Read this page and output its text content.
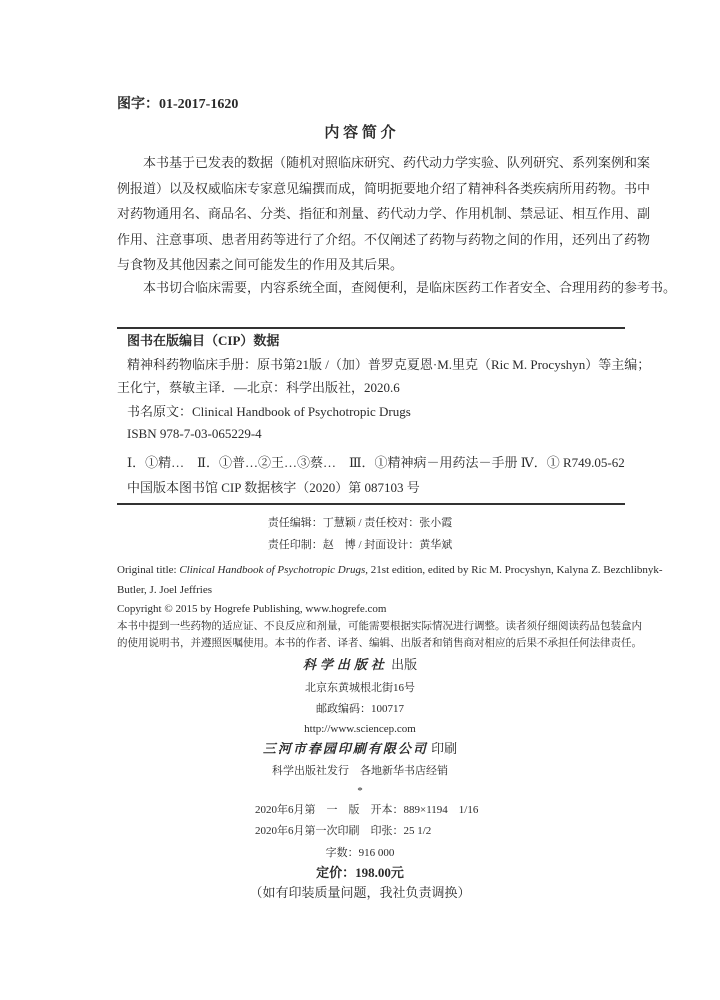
图字：01-2017-1620
内 容 简 介
本书基于已发表的数据（随机对照临床研究、药代动力学实验、队列研究、系列案例和案
例报道）以及权威临床专家意见编撰而成，简明扼要地介绍了精神科各类疾病所用药物。书中
对药物通用名、商品名、分类、指征和剂量、药代动力学、作用机制、禁忌证、相互作用、副
作用、注意事项、患者用药等进行了介绍。不仅阐述了药物与药物之间的作用，还列出了药物
与食物及其他因素之间可能发生的作用及其后果。
本书切合临床需要，内容系统全面，查阅便利，是临床医药工作者安全、合理用药的参考书。
图书在版编目（CIP）数据
精神科药物临床手册：原书第21版 /（加）普罗克夏恩·M.里克（Ric M. Procyshyn）等主编；
王化宁，蔡敏主译．—北京：科学出版社，2020.6
书名原文：Clinical Handbook of Psychotropic Drugs
ISBN 978-7-03-065229-4
Ⅰ．①精…　Ⅱ．①普…②王…③蔡…　Ⅲ．①精神病－用药法－手册 Ⅳ．① R749.05-62
中国版本图书馆 CIP 数据核字（2020）第 087103 号
责任编辑：丁慧颖 / 责任校对：张小霞
责任印制：赵　博 / 封面设计：黄华斌
Original title: Clinical Handbook of Psychotropic Drugs, 21st edition, edited by Ric M. Procyshyn, Kalyna Z. Bezchlibnyk-
Butler, J. Joel Jeffries
Copyright © 2015 by Hogrefe Publishing, www.hogrefe.com
本书中提到一些药物的适应证、不良反应和剂量，可能需要根据实际情况进行调整。读者须仔细阅读药品包装盒内
的使用说明书，并遵照医嘱使用。本书的作者、译者、编辑、出版者和销售商对相应的后果不承担任何法律责任。
科学出版社 出版
北京东黄城根北街16号
邮政编码：100717
http://www.sciencep.com
三河市春园印刷有限公司 印刷
科学出版社发行　各地新华书店经销
*
2020年6月第　一　版　开本：889×1194　1/16
2020年6月第一次印刷　印张：25 1/2
字数：916 000
定价：198.00元
（如有印装质量问题，我社负责调换）
